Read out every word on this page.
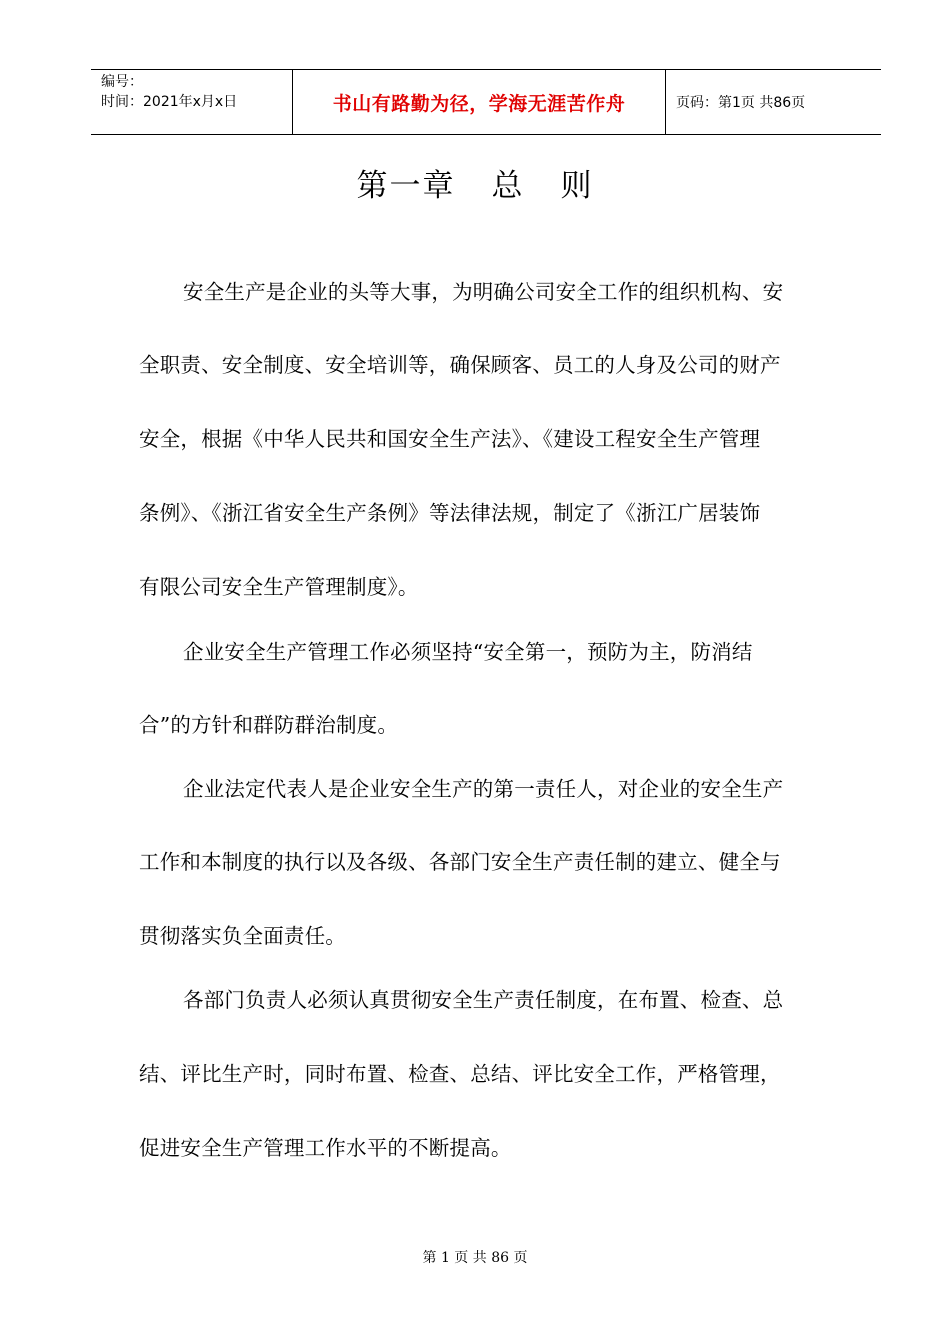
编号：
时间：2021年x月x日	书山有路勤为径，学海无涯苦作舟	页码：第1页 共86页
第一章 总 则
安全生产是企业的头等大事，为明确公司安全工作的组织机构、安
全职责、安全制度、安全培训等，确保顾客、员工的人身及公司的财产
安全，根据《中华人民共和国安全生产法》、《建设工程安全生产管理
条例》、《浙江省安全生产条例》等法律法规，制定了《浙江广居装饰
有限公司安全生产管理制度》。
企业安全生产管理工作必须坚持“安全第一，预防为主，防消结
合”的方针和群防群治制度。
企业法定代表人是企业安全生产的第一责任人，对企业的安全生产
工作和本制度的执行以及各级、各部门安全生产责任制的建立、健全与
贯彻落实负全面责任。
各部门负责人必须认真贯彻安全生产责任制度，在布置、检查、总
结、评比生产时，同时布置、检查、总结、评比安全工作，严格管理，
促进安全生产管理工作水平的不断提高。
第 1 页 共 86 页
